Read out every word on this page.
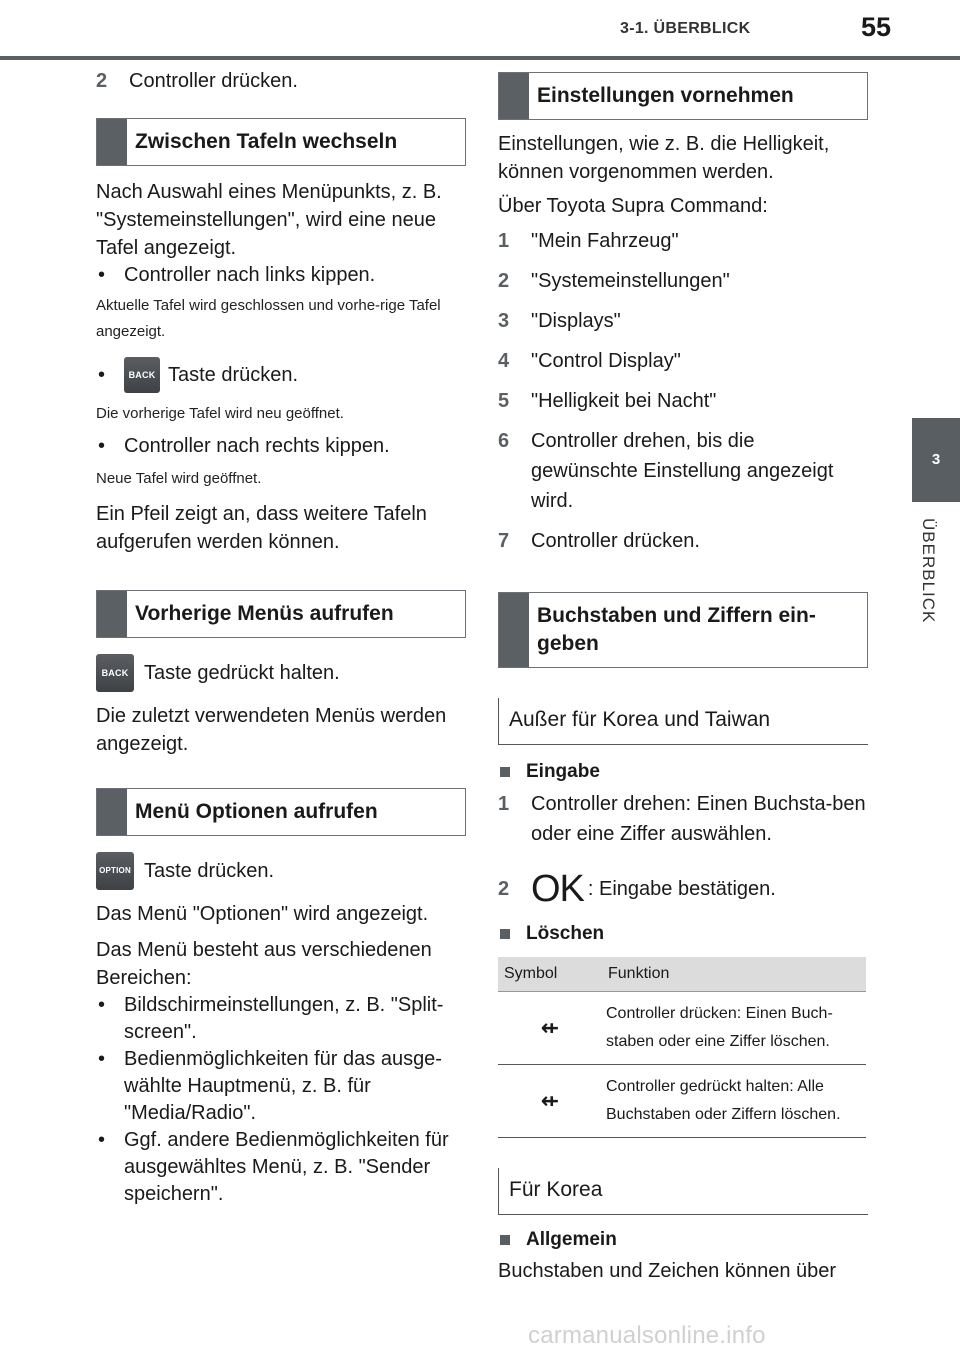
3-1. ÜBERBLICK	55
3
ÜBERBLICK
2	Controller drücken.
Zwischen Tafeln wechseln

Nach Auswahl eines Menüpunkts, z. B. "Systemeinstellungen", wird eine neue Tafel angezeigt.

• Controller nach links kippen.

Aktuelle Tafel wird geschlossen und vorhe-rige Tafel angezeigt.

•	BACK Taste drücken.

Die vorherige Tafel wird neu geöffnet.

• Controller nach rechts kippen.

Neue Tafel wird geöffnet.

Ein Pfeil zeigt an, dass weitere Tafeln aufgerufen werden können.

Vorherige Menüs aufrufen
BACK Taste gedrückt halten.

Die zuletzt verwendeten Menüs werden angezeigt.

Menü Optionen aufrufen
OPTION Taste drücken.

Das Menü "Optionen" wird angezeigt.

Das Menü besteht aus verschiedenen Bereichen:

• Bildschirmeinstellungen, z. B. "Split-screen".
• Bedienmöglichkeiten für das ausge-wählte Hauptmenü, z. B. für "Media/Radio".
• Ggf. andere Bedienmöglichkeiten für ausgewähltes Menü, z. B. "Sender speichern".
Einstellungen vornehmen

Einstellungen, wie z. B. die Helligkeit, können vorgenommen werden.

Über Toyota Supra Command:

1	"Mein Fahrzeug"
2	"Systemeinstellungen"
3	"Displays"
4	"Control Display"
5	"Helligkeit bei Nacht"
6	Controller drehen, bis die gewünschte Einstellung angezeigt wird.
7	Controller drücken.
Buchstaben und Ziffern ein-geben
Außer für Korea und Taiwan
Eingabe
1	Controller drehen: Einen Buchsta-ben oder eine Ziffer auswählen.
2 OK : Eingabe bestätigen.
Löschen
Symbol	Funktion
⇷	Controller drücken: Einen Buch-staben oder eine Ziffer löschen.
⇷	Controller gedrückt halten: Alle Buchstaben oder Ziffern löschen.
Für Korea
Allgemein

Buchstaben und Zeichen können über

carmanualsonline.info
